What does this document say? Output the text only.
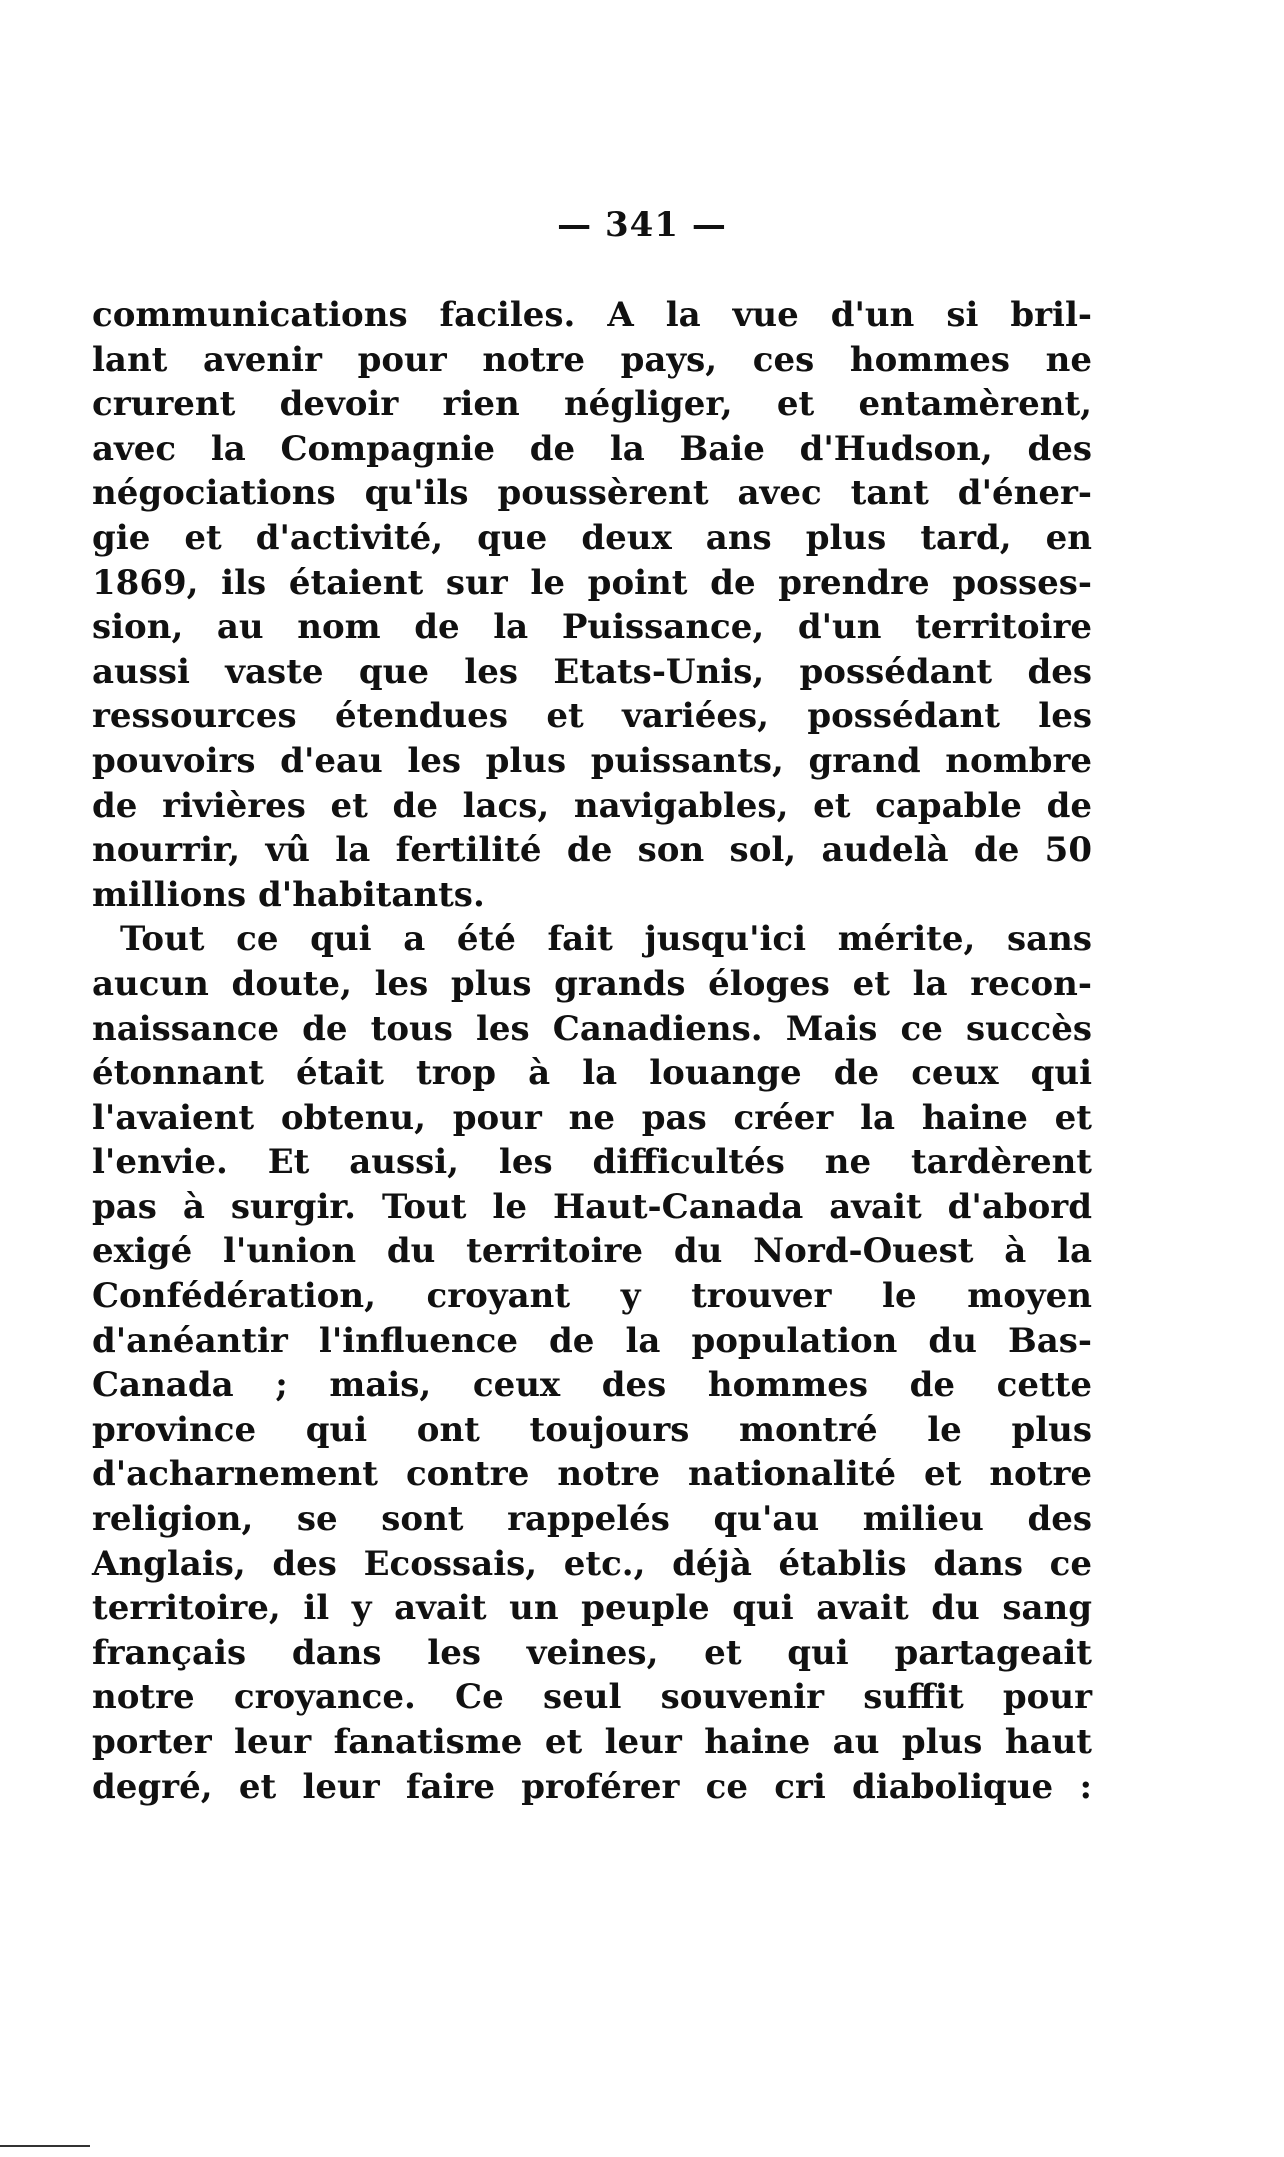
— 341 —
communications faciles. A la vue d'un si bril-
lant avenir pour notre pays, ces hommes ne
crurent devoir rien négliger, et entamèrent,
avec la Compagnie de la Baie d'Hudson, des
négociations qu'ils poussèrent avec tant d'éner-
gie et d'activité, que deux ans plus tard, en
1869, ils étaient sur le point de prendre posses-
sion, au nom de la Puissance, d'un territoire
aussi vaste que les Etats-Unis, possédant des
ressources étendues et variées, possédant les
pouvoirs d'eau les plus puissants, grand nombre
de rivières et de lacs, navigables, et capable de
nourrir, vû la fertilité de son sol, audelà de 50
millions d'habitants.
Tout ce qui a été fait jusqu'ici mérite, sans
aucun doute, les plus grands éloges et la recon-
naissance de tous les Canadiens. Mais ce succès
étonnant était trop à la louange de ceux qui
l'avaient obtenu, pour ne pas créer la haine et
l'envie. Et aussi, les difficultés ne tardèrent
pas à surgir. Tout le Haut-Canada avait d'abord
exigé l'union du territoire du Nord-Ouest à la
Confédération, croyant y trouver le moyen
d'anéantir l'influence de la population du Bas-
Canada ; mais, ceux des hommes de cette
province qui ont toujours montré le plus
d'acharnement contre notre nationalité et notre
religion, se sont rappelés qu'au milieu des
Anglais, des Ecossais, etc., déjà établis dans ce
territoire, il y avait un peuple qui avait du sang
français dans les veines, et qui partageait
notre croyance. Ce seul souvenir suffit pour
porter leur fanatisme et leur haine au plus haut
degré, et leur faire proférer ce cri diabolique :
